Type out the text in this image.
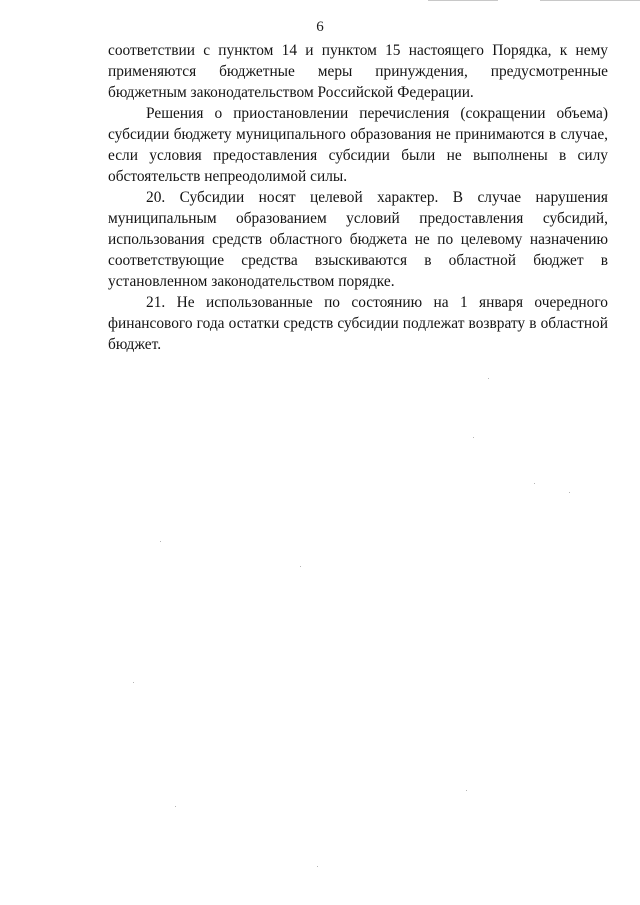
6

соответствии с пунктом 14 и пунктом 15 настоящего Порядка, к нему применяются бюджетные меры принуждения, предусмотренные бюджетным законодательством Российской Федерации.

Решения о приостановлении перечисления (сокращении объема) субсидии бюджету муниципального образования не принимаются в случае, если условия предоставления субсидии были не выполнены в силу обстоятельств непреодолимой силы.

20. Субсидии носят целевой характер. В случае нарушения муниципальным образованием условий предоставления субсидий, использования средств областного бюджета не по целевому назначению соответствующие средства взыскиваются в областной бюджет в установленном законодательством порядке.

21. Не использованные по состоянию на 1 января очередного финансового года остатки средств субсидии подлежат возврату в областной бюджет.
